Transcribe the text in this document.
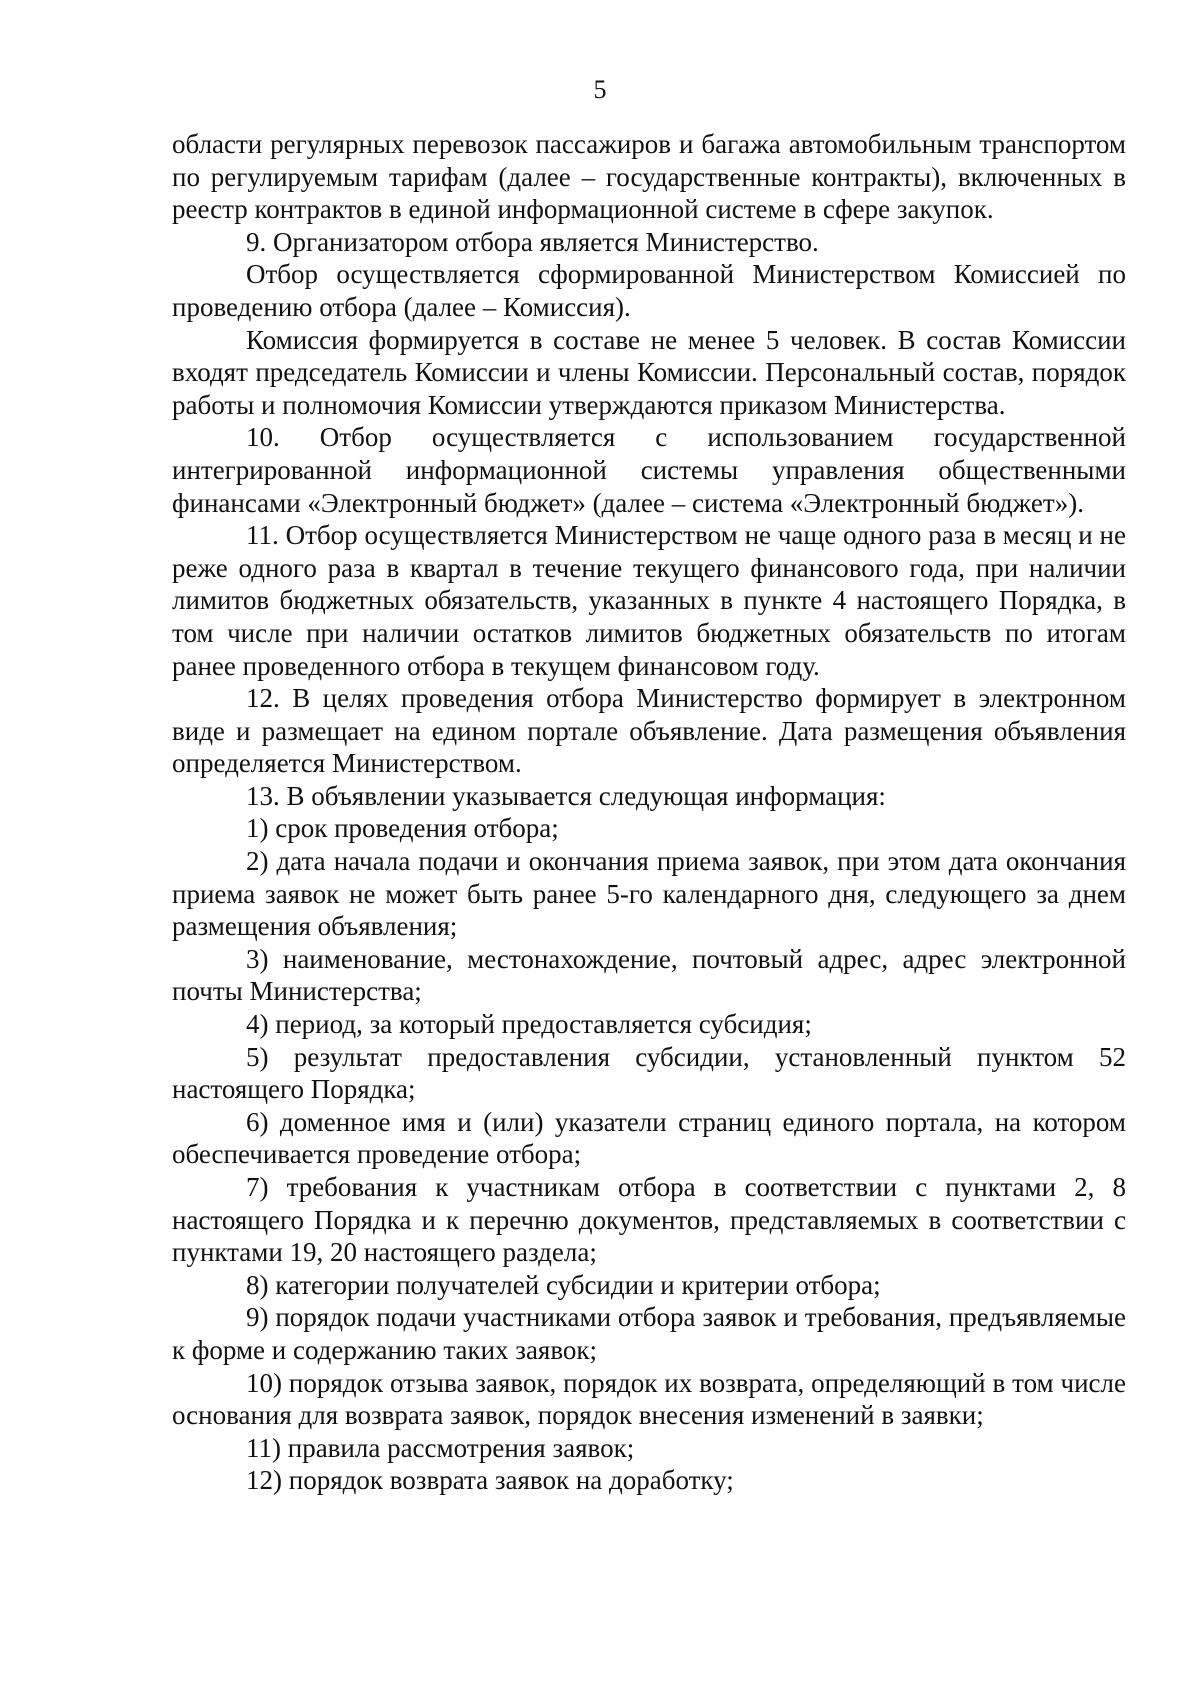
5

области регулярных перевозок пассажиров и багажа автомобильным транспортом по регулируемым тарифам (далее – государственные контракты), включенных в реестр контрактов в единой информационной системе в сфере закупок.

9. Организатором отбора является Министерство.

Отбор осуществляется сформированной Министерством Комиссией по проведению отбора (далее – Комиссия).

Комиссия формируется в составе не менее 5 человек. В состав Комиссии входят председатель Комиссии и члены Комиссии. Персональный состав, порядок работы и полномочия Комиссии утверждаются приказом Министерства.

10. Отбор осуществляется с использованием государственной интегрированной информационной системы управления общественными финансами «Электронный бюджет» (далее – система «Электронный бюджет»).

11. Отбор осуществляется Министерством не чаще одного раза в месяц и не реже одного раза в квартал в течение текущего финансового года, при наличии лимитов бюджетных обязательств, указанных в пункте 4 настоящего Порядка, в том числе при наличии остатков лимитов бюджетных обязательств по итогам ранее проведенного отбора в текущем финансовом году.

12. В целях проведения отбора Министерство формирует в электронном виде и размещает на едином портале объявление. Дата размещения объявления определяется Министерством.

13. В объявлении указывается следующая информация:

1) срок проведения отбора;

2) дата начала подачи и окончания приема заявок, при этом дата окончания приема заявок не может быть ранее 5-го календарного дня, следующего за днем размещения объявления;

3) наименование, местонахождение, почтовый адрес, адрес электронной почты Министерства;

4) период, за который предоставляется субсидия;

5) результат предоставления субсидии, установленный пунктом 52 настоящего Порядка;

6) доменное имя и (или) указатели страниц единого портала, на котором обеспечивается проведение отбора;

7) требования к участникам отбора в соответствии с пунктами 2, 8 настоящего Порядка и к перечню документов, представляемых в соответствии с пунктами 19, 20 настоящего раздела;

8) категории получателей субсидии и критерии отбора;

9) порядок подачи участниками отбора заявок и требования, предъявляемые к форме и содержанию таких заявок;

10) порядок отзыва заявок, порядок их возврата, определяющий в том числе основания для возврата заявок, порядок внесения изменений в заявки;

11) правила рассмотрения заявок;

12) порядок возврата заявок на доработку;
